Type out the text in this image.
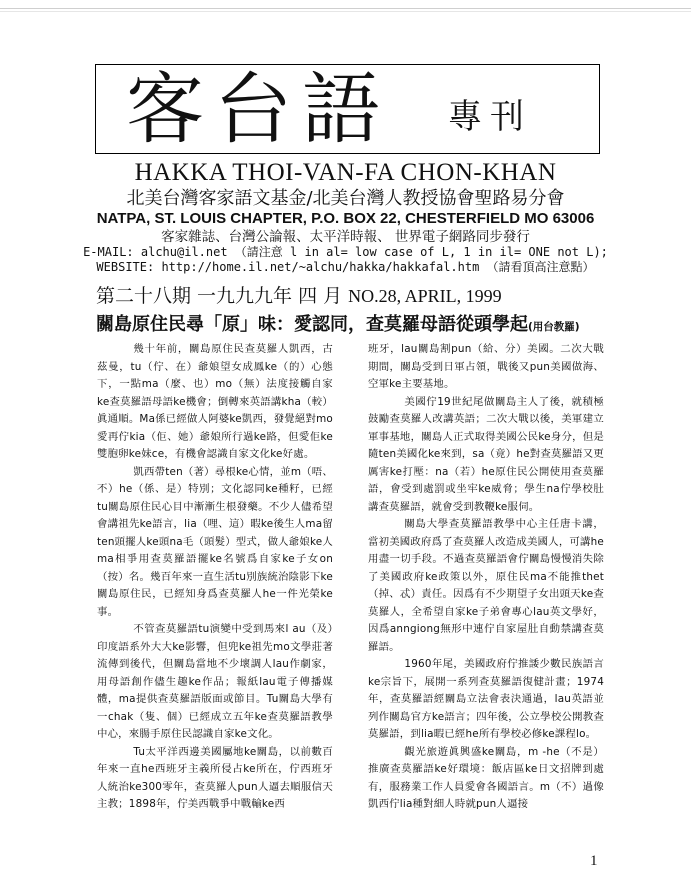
客台語 專刊
HAKKA THOI-VAN-FA CHON-KHAN
北美台灣客家語文基金/北美台灣人教授協會聖路易分會
NATPA, ST. LOUIS CHAPTER, P.O. BOX 22, CHESTERFIELD MO 63006
客家雜誌、台灣公論報、太平洋時報、 世界電子網路同步發行
E-MAIL: alchu@il.net （請注意 l in al= low case of L, 1 in il= ONE not L);
WEBSITE: http://home.il.net/~alchu/hakka/hakkafal.htm （請看頂高注意點）
第二十八期 一九九九年 四 月 NO.28, APRIL, 1999
關島原住民尋「原」味：愛認同，查莫羅母語從頭學起(用台教羅)

幾十年前，關島原住民查莫羅人凱西，古茲曼，tu（佇、在）爺娘望女成鳳ke（的）心態下，一點ma（麼、也）mo（無）法度接觸自家ke查莫羅語母語ke機會；倒轉來英語講kha（較）眞通順。Ma係已經做人阿婆ke凱西，發覺絕對mo愛再佇kia（佢、她）爺娘所行過ke路，但愛佢ke雙胞卵ke妹ce，有機會認識自家文化ke好處。

凱西帶ten（著）尋根ke心情，並m（唔、不）he（係、是）特別；文化認同ke種籽，已經tu關島原住民心目中漸漸生根發藥。不少人儘希望會講祖先ke語言，lia（哩、這）暇ke後生人ma留ten頭擺人ke頭na毛（頭髮）型式，做人爺娘ke人ma相爭用查莫羅語擺ke名號爲自家ke子女on（按）名。幾百年來一直生活tu別族統治陰影下ke關島原住民，已經知身爲查莫羅人he一件光榮ke事。

不管查莫羅語tu演變中受到馬來l au（及）印度語系外大大ke影響，但兜ke祖先mo文學莊著流傳到後代，但關島當地不少壞調人lau作劇家，用母語創作儘生趣ke作品；報紙lau電子傳播媒體，ma提供查莫羅語版面或節目。Tu關島大學有一chak（隻、個）已經成立五年ke查莫羅語教學中心，來腸手原住民認識自家ke文化。

Tu太平洋西邊美國屬地ke關島，以前數百年來一直he西班牙主義所侵占ke所在，佇西班牙人統治ke300零年，查莫羅人pun人逼去順服信天主教；1898年，佇美西戰爭中戰輸ke西

班牙，lau關島割pun（給、分）美國。二次大戰期間，關島受到日軍占領，戰後又pun美國做海、空軍ke主要基地。

美國佇19世紀尾做關島主人了後，就積極鼓勵查莫羅人改講英語；二次大戰以後，美軍建立軍事基地，關島人正式取得美國公民ke身分，但是隨ten美國化ke來到，sa（竟）he對查莫羅語又更厲害ke打壓：na（若）he原住民公開使用查莫羅語，會受到處罰或坐牢ke威脅；學生na佇學校肚講查莫羅語，就會受到教鞭ke服伺。

關島大學查莫羅語教學中心主任唐卡講，當初美國政府爲了查莫羅人改造成美國人，可講he用盡一切手段。不過查莫羅語會佇關島慢慢消失除了美國政府ke政策以外，原住民ma不能推thet（掉、忒）責任。因爲有不少期望子女出頭天ke查莫羅人，全希望自家ke子弟會專心lau英文學好，因爲anngiong無形中連佇自家屋肚自動禁講查莫羅語。

1960年尾，美國政府佇推諉少數民族語言ke宗旨下，展開一系列查莫羅語復健計畫；1974年，查莫羅語經關島立法會表決通過，lau英語並列作關島官方ke語言；四年後，公立學校公開教查莫羅語，到lia暇已經he所有學校必修ke課程lo。

觀光旅遊眞興盛ke關島，m -he（不是）推廣查莫羅語ke好環境：飯店區ke日文招牌到處有，服務業工作人員愛會各國語言。m（不）過像凱西佇lia種對細人時就pun人逼接

1
